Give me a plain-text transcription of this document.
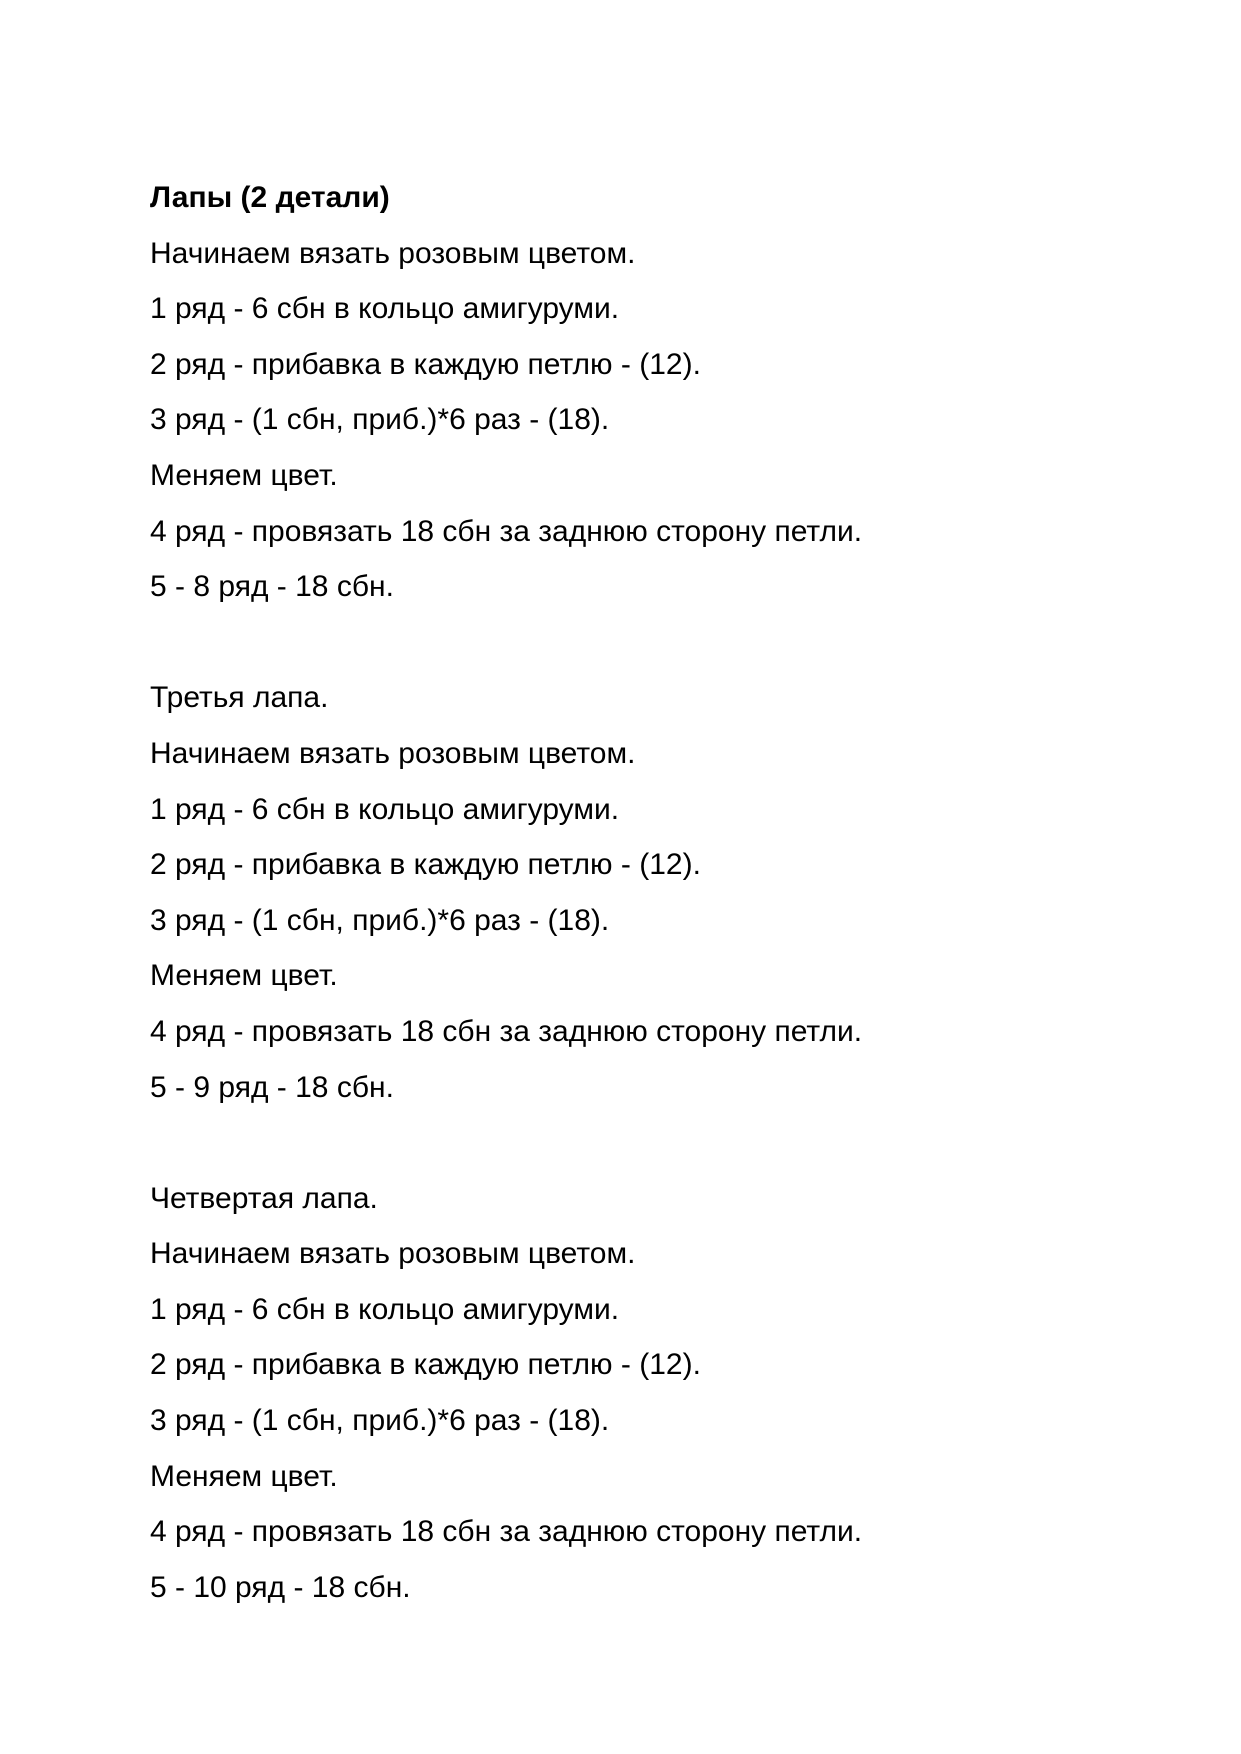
Лапы (2 детали)
Начинаем вязать розовым цветом.
1 ряд - 6 сбн в кольцо амигуруми.
2 ряд - прибавка в каждую петлю - (12).
3 ряд - (1 сбн, приб.)*6 раз - (18).
Меняем цвет.
4 ряд - провязать 18 сбн за заднюю сторону петли.
5 - 8 ряд - 18 сбн.
Третья лапа.
Начинаем вязать розовым цветом.
1 ряд - 6 сбн в кольцо амигуруми.
2 ряд - прибавка в каждую петлю - (12).
3 ряд - (1 сбн, приб.)*6 раз - (18).
Меняем цвет.
4 ряд - провязать 18 сбн за заднюю сторону петли.
5 - 9 ряд - 18 сбн.
Четвертая лапа.
Начинаем вязать розовым цветом.
1 ряд - 6 сбн в кольцо амигуруми.
2 ряд - прибавка в каждую петлю - (12).
3 ряд - (1 сбн, приб.)*6 раз - (18).
Меняем цвет.
4 ряд - провязать 18 сбн за заднюю сторону петли.
5 - 10 ряд - 18 сбн.
